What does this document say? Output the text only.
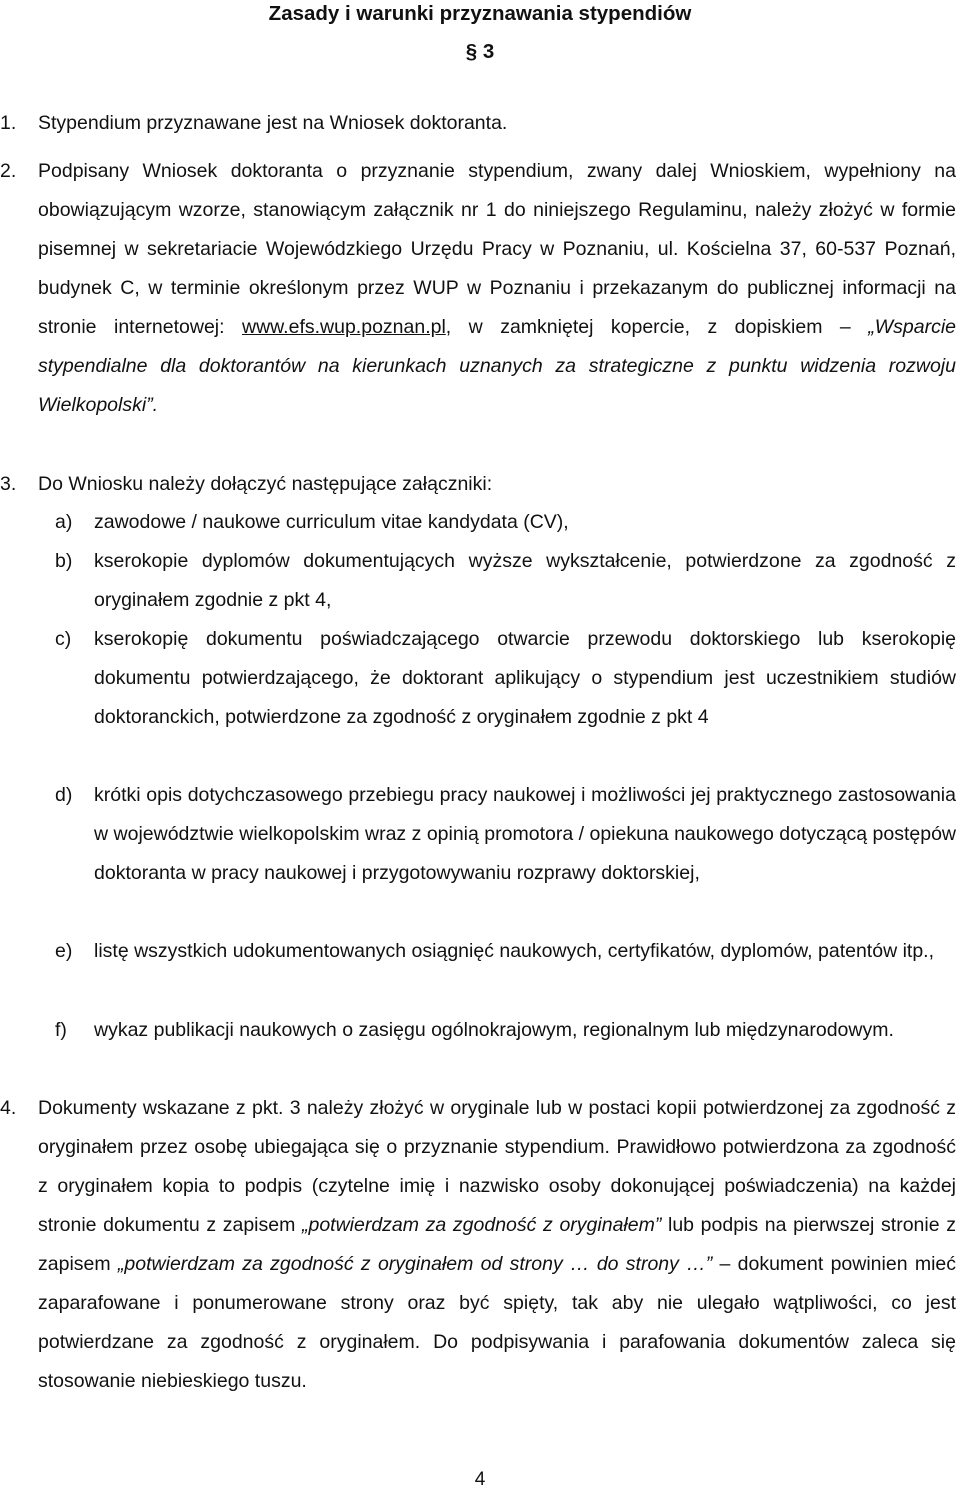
Zasady i warunki przyznawania stypendiów
§ 3
1. Stypendium przyznawane jest na Wniosek doktoranta.
2. Podpisany Wniosek doktoranta o przyznanie stypendium, zwany dalej Wnioskiem, wypełniony na obowiązującym wzorze, stanowiącym załącznik nr 1 do niniejszego Regulaminu, należy złożyć w formie pisemnej w sekretariacie Wojewódzkiego Urzędu Pracy w Poznaniu, ul. Kościelna 37, 60-537 Poznań, budynek C, w terminie określonym przez WUP w Poznaniu i przekazanym do publicznej informacji na stronie internetowej: www.efs.wup.poznan.pl, w zamkniętej kopercie, z dopiskiem – „Wsparcie stypendialne dla doktorantów na kierunkach uznanych za strategiczne z punktu widzenia rozwoju Wielkopolski”.
3. Do Wniosku należy dołączyć następujące załączniki:
a) zawodowe / naukowe curriculum vitae kandydata (CV),
b) kserokopie dyplomów dokumentujących wyższe wykształcenie, potwierdzone za zgodność z oryginałem zgodnie z pkt 4,
c) kserokopię dokumentu poświadczającego otwarcie przewodu doktorskiego lub kserokopię dokumentu potwierdzającego, że doktorant aplikujący o stypendium jest uczestnikiem studiów doktoranckich, potwierdzone za zgodność z oryginałem zgodnie z pkt 4
d) krótki opis dotychczasowego przebiegu pracy naukowej i możliwości jej praktycznego zastosowania w województwie wielkopolskim wraz z opinią promotora / opiekuna naukowego dotyczącą postępów doktoranta w pracy naukowej i przygotowywaniu rozprawy doktorskiej,
e) listę wszystkich udokumentowanych osiągnięć naukowych, certyfikatów, dyplomów, patentów itp.,
f) wykaz publikacji naukowych o zasięgu ogólnokrajowym, regionalnym lub międzynarodowym.
4. Dokumenty wskazane z pkt. 3 należy złożyć w oryginale lub w postaci kopii potwierdzonej za zgodność z oryginałem przez osobę ubiegająca się o przyznanie stypendium. Prawidłowo potwierdzona za zgodność z oryginałem kopia to podpis (czytelne imię i nazwisko osoby dokonującej poświadczenia) na każdej stronie dokumentu z zapisem „potwierdzam za zgodność z oryginałem” lub podpis na pierwszej stronie z zapisem „potwierdzam za zgodność z oryginałem od strony … do strony …” – dokument powinien mieć zaparafowane i ponumerowane strony oraz być spięty, tak aby nie ulegało wątpliwości, co jest potwierdzane za zgodność z oryginałem. Do podpisywania i parafowania dokumentów zaleca się stosowanie niebieskiego tuszu.
4
